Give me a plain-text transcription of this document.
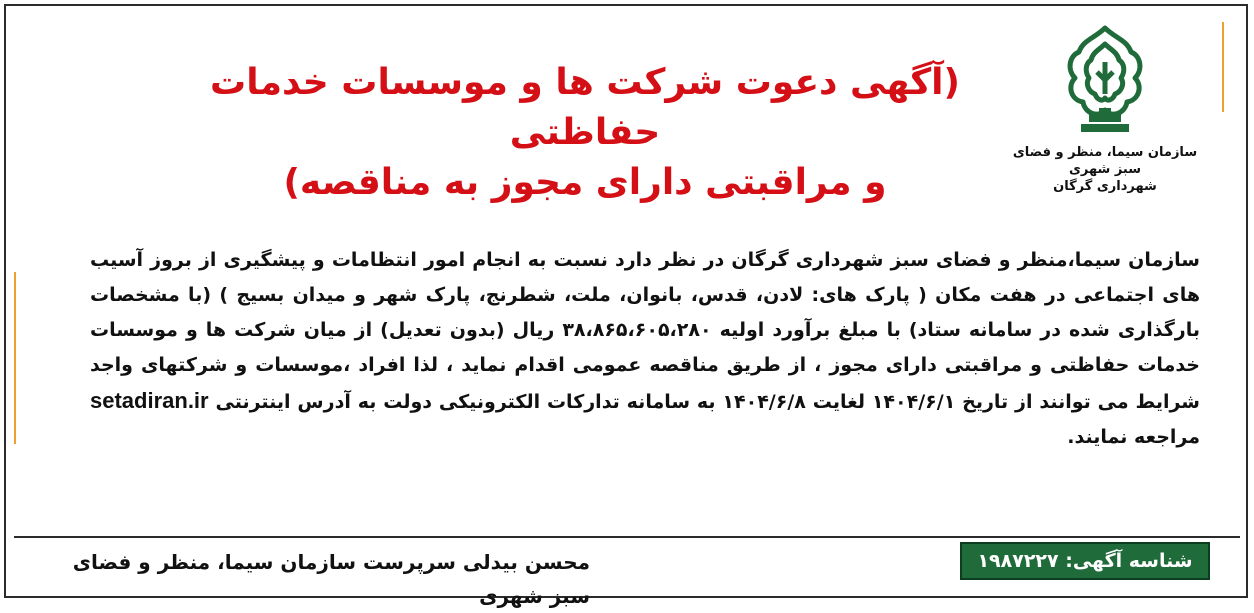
سازمان سیما، منظر و فضای سبز شهری
شهرداری گرگان
(آگهی دعوت شرکت ها و موسسات خدمات حفاظتی
و مراقبتی دارای مجوز به مناقصه)
سازمان سیما،منظر و فضای سبز شهرداری گرگان در نظر دارد نسبت به انجام امور انتظامات و پیشگیری از بروز آسیب های اجتماعی در هفت مکان ( پارک های: لادن، قدس، بانوان، ملت، شطرنج، پارک شهر و میدان بسیج ) (با مشخصات بارگذاری شده در سامانه ستاد) با مبلغ برآورد اولیه ۳۸،۸۶۵،۶۰۵،۲۸۰ ریال (بدون تعدیل) از میان شرکت ها و موسسات خدمات حفاظتی و مراقبتی دارای مجوز ، از طریق مناقصه عمومی اقدام نماید ، لذا افراد ،موسسات و شرکتهای واجد شرایط می توانند از تاریخ ۱۴۰۴/۶/۱ لغایت ۱۴۰۴/۶/۸ به سامانه تدارکات الکترونیکی دولت به آدرس اینترنتی setadiran.ir مراجعه نمایند.
شناسه آگهی: ۱۹۸۷۲۲۷
محسن بیدلی سرپرست سازمان سیما، منظر و فضای سبز شهری
